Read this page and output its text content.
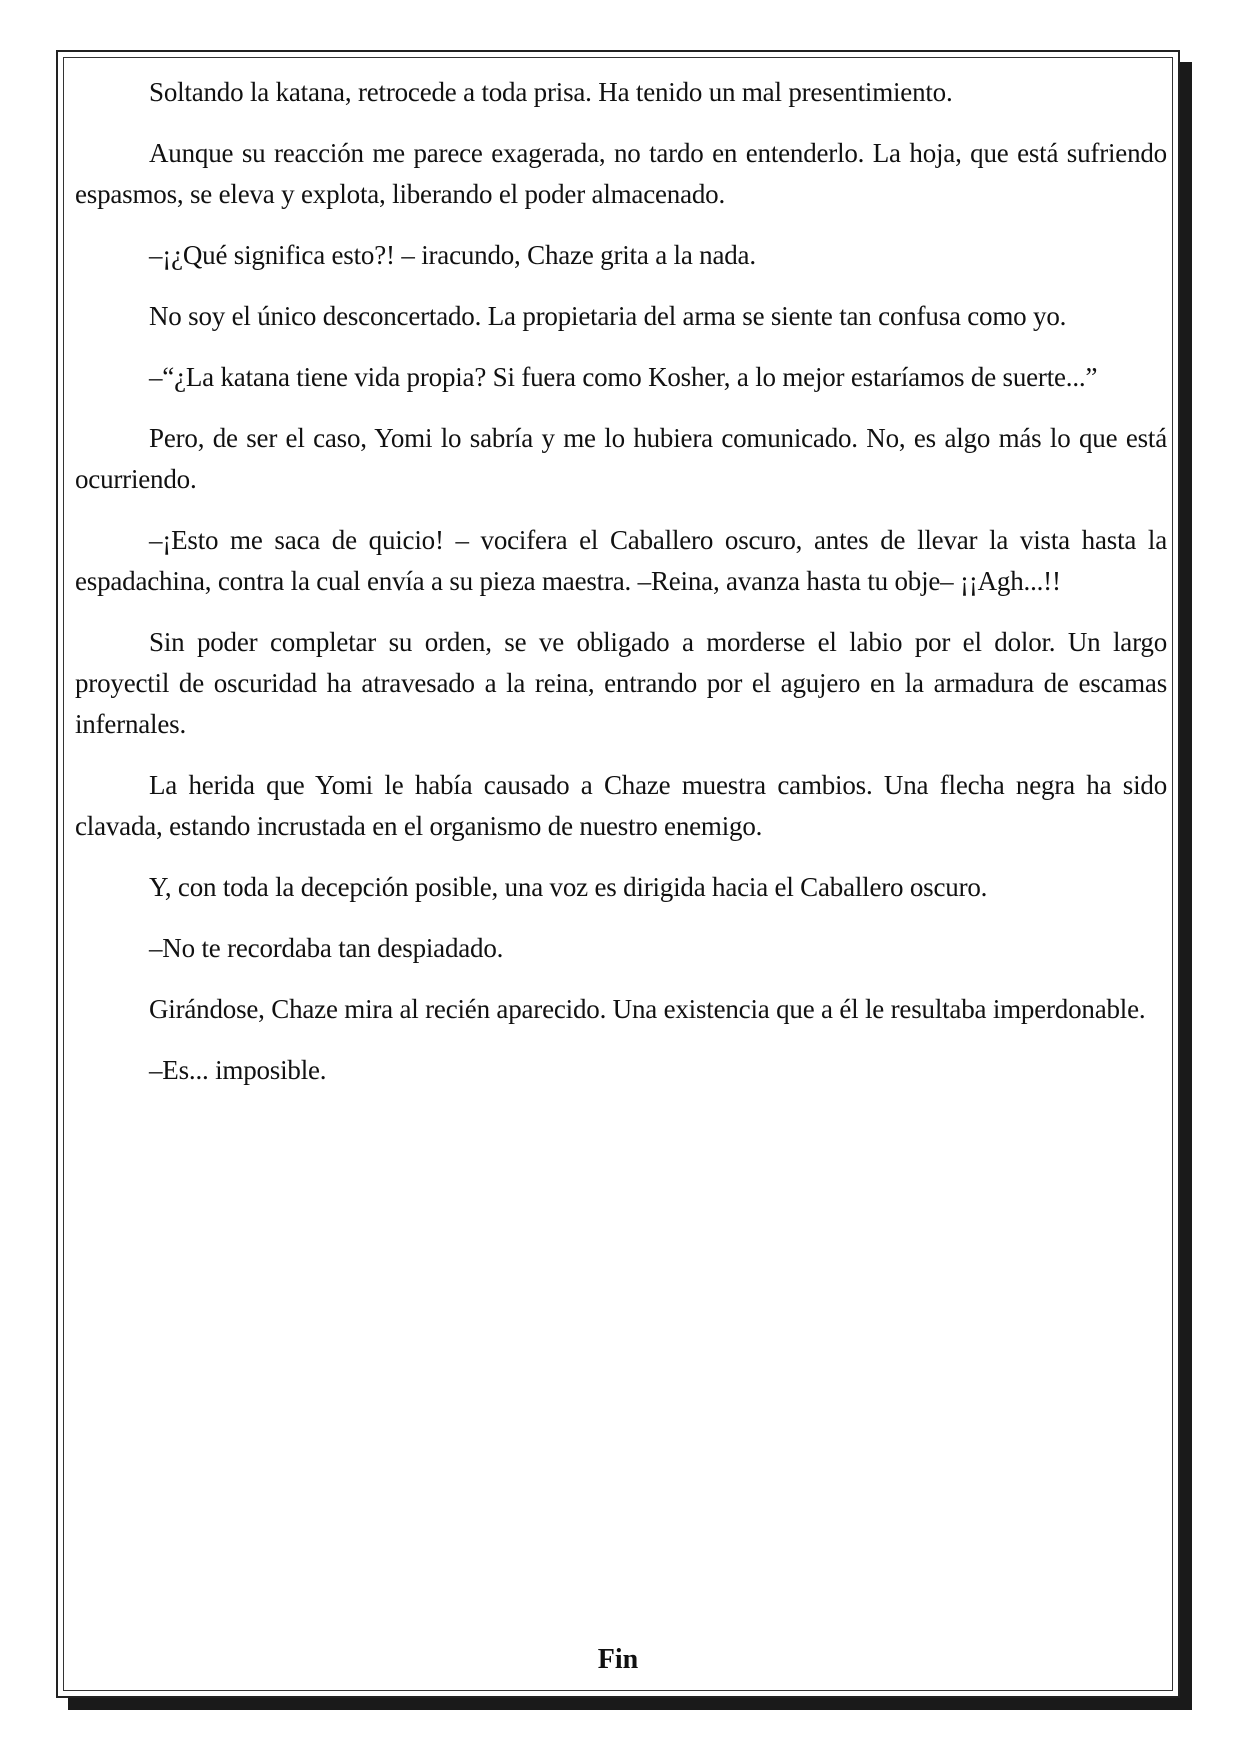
Soltando la katana, retrocede a toda prisa. Ha tenido un mal presentimiento.

Aunque su reacción me parece exagerada, no tardo en entenderlo. La hoja, que está sufriendo espasmos, se eleva y explota, liberando el poder almacenado.

–¡¿Qué significa esto?! – iracundo, Chaze grita a la nada.

No soy el único desconcertado. La propietaria del arma se siente tan confusa como yo.

–“¿La katana tiene vida propia? Si fuera como Kosher, a lo mejor estaríamos de suerte...”

Pero, de ser el caso, Yomi lo sabría y me lo hubiera comunicado. No, es algo más lo que está ocurriendo.

–¡Esto me saca de quicio! – vocifera el Caballero oscuro, antes de llevar la vista hasta la espadachina, contra la cual envía a su pieza maestra. –Reina, avanza hasta tu obje– ¡¡Agh...!!

Sin poder completar su orden, se ve obligado a morderse el labio por el dolor. Un largo proyectil de oscuridad ha atravesado a la reina, entrando por el agujero en la armadura de escamas infernales.

La herida que Yomi le había causado a Chaze muestra cambios. Una flecha negra ha sido clavada, estando incrustada en el organismo de nuestro enemigo.

Y, con toda la decepción posible, una voz es dirigida hacia el Caballero oscuro.

–No te recordaba tan despiadado.

Girándose, Chaze mira al recién aparecido. Una existencia que a él le resultaba imperdonable.

–Es... imposible.

Fin
